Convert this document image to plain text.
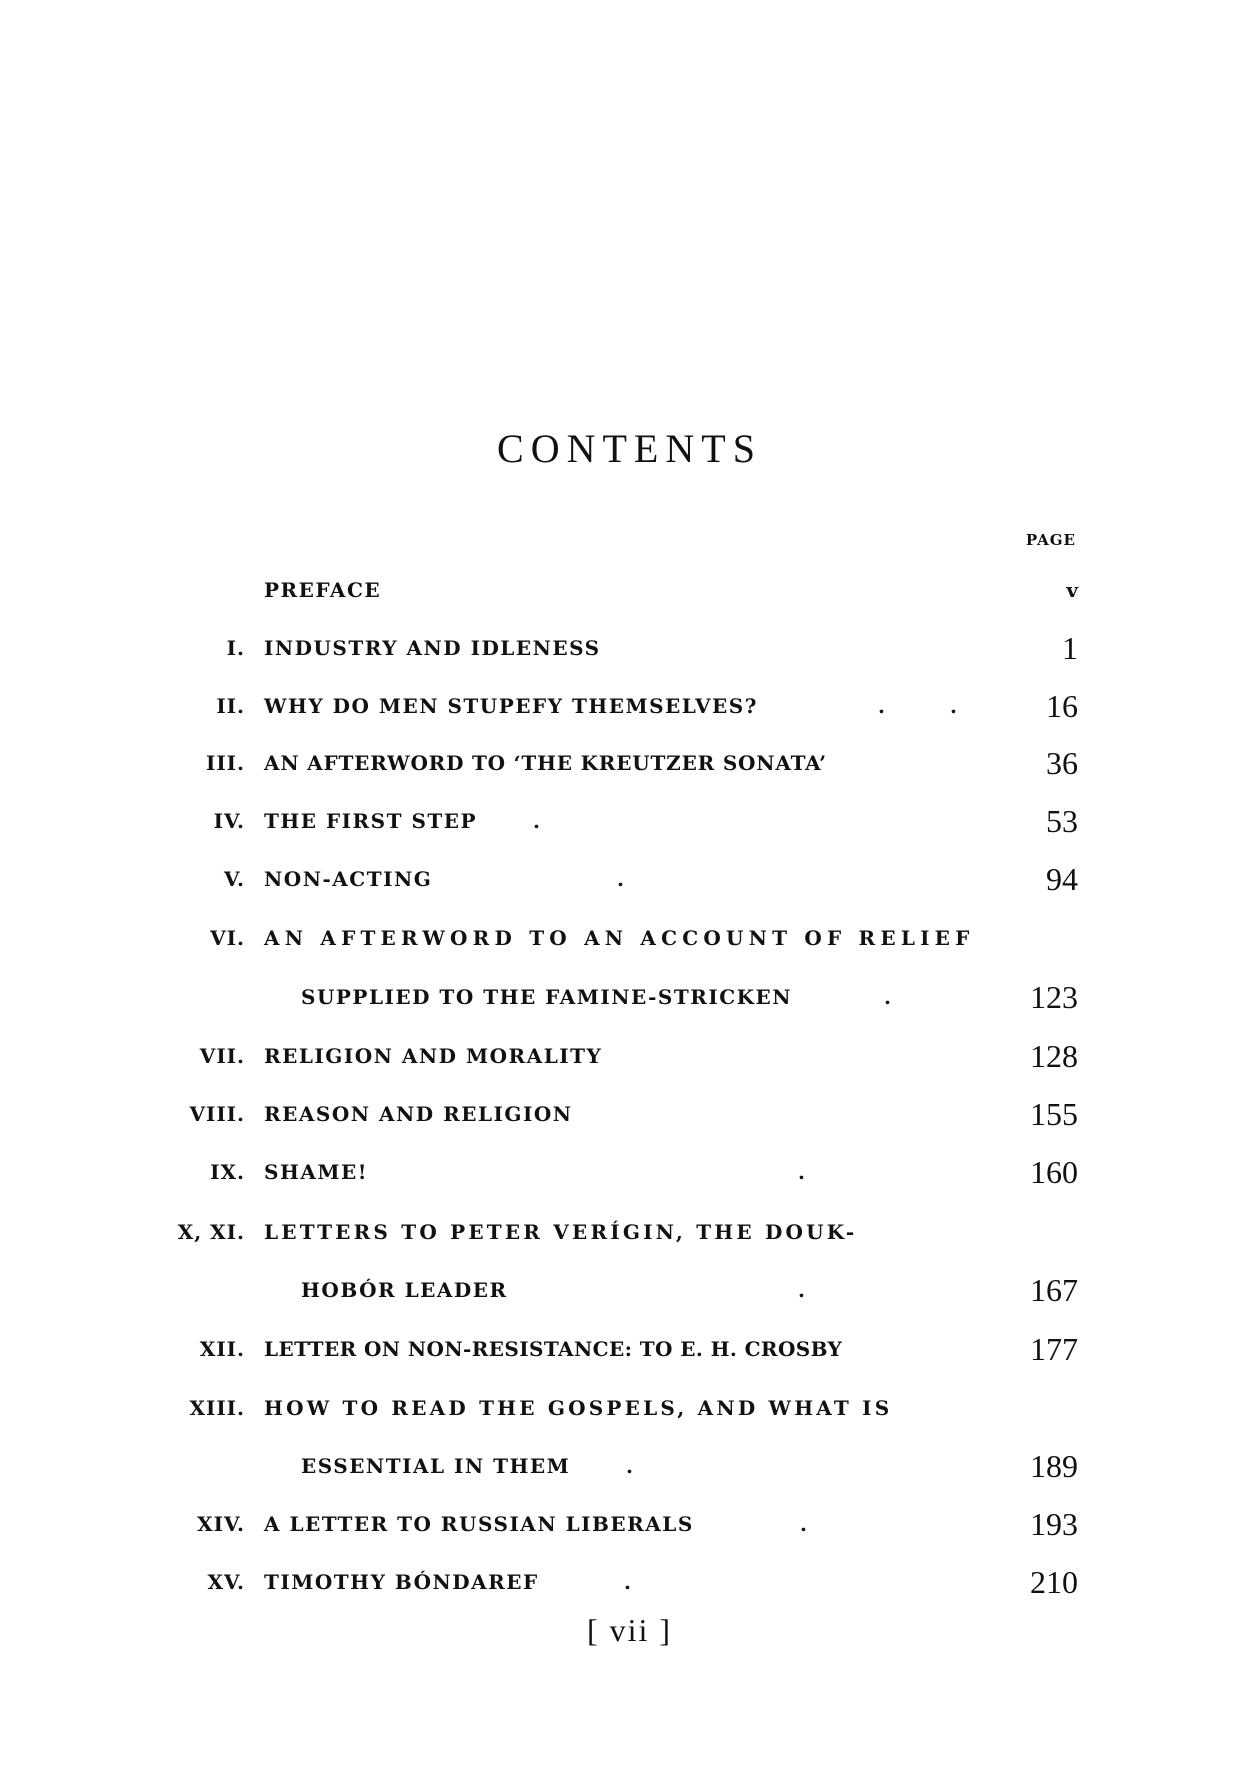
CONTENTS
PAGE
PREFACE	v
I. INDUSTRY AND IDLENESS	1
II. WHY DO MEN STUPEFY THEMSELVES?	.	.	16
III. AN AFTERWORD TO ‘THE KREUTZER SONATA’	36
IV. THE FIRST STEP	.	53
V. NON-ACTING	.	94
VI. AN AFTERWORD TO AN ACCOUNT OF RELIEF
SUPPLIED TO THE FAMINE-STRICKEN	.	123
VII. RELIGION AND MORALITY	128
VIII. REASON AND RELIGION	155
IX. SHAME!	.	160
X, XI. LETTERS TO PETER VERÍGIN, THE DOUK-
HOBÓR LEADER	.	167
XII. LETTER ON NON-RESISTANCE: TO E. H. CROSBY	177
XIII. HOW TO READ THE GOSPELS, AND WHAT IS
ESSENTIAL IN THEM	.	189
XIV. A LETTER TO RUSSIAN LIBERALS	.	193
XV. TIMOTHY BÓNDAREF	.	210
[ vii ]
